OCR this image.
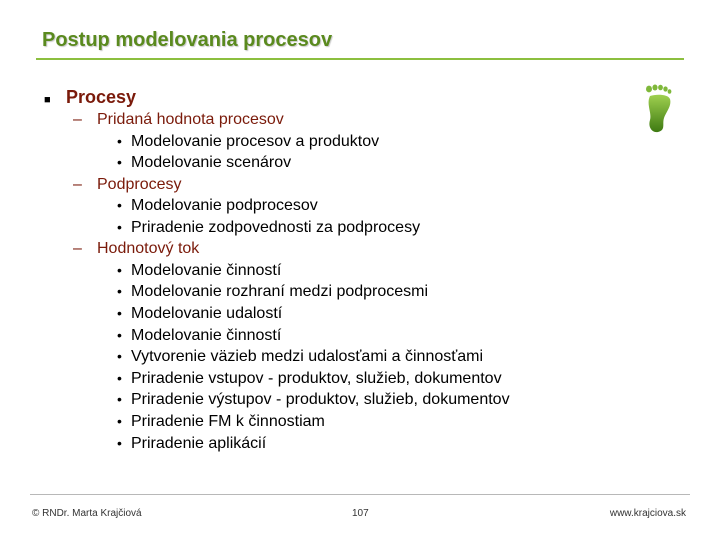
Postup modelovania procesov
■ Procesy
– Pridaná hodnota procesov
• Modelovanie procesov a produktov
• Modelovanie scenárov
– Podprocesy
• Modelovanie podprocesov
• Priradenie zodpovednosti za podprocesy
– Hodnotový tok
• Modelovanie činností
• Modelovanie rozhraní medzi podprocesmi
• Modelovanie udalostí
• Modelovanie činností
• Vytvorenie väzieb medzi udalosťami a činnosťami
• Priradenie vstupov - produktov, služieb, dokumentov
• Priradenie výstupov - produktov, služieb, dokumentov
• Priradenie FM k činnostiam
• Priradenie aplikácií
© RNDr. Marta Krajčiová	107	www.krajciova.sk
